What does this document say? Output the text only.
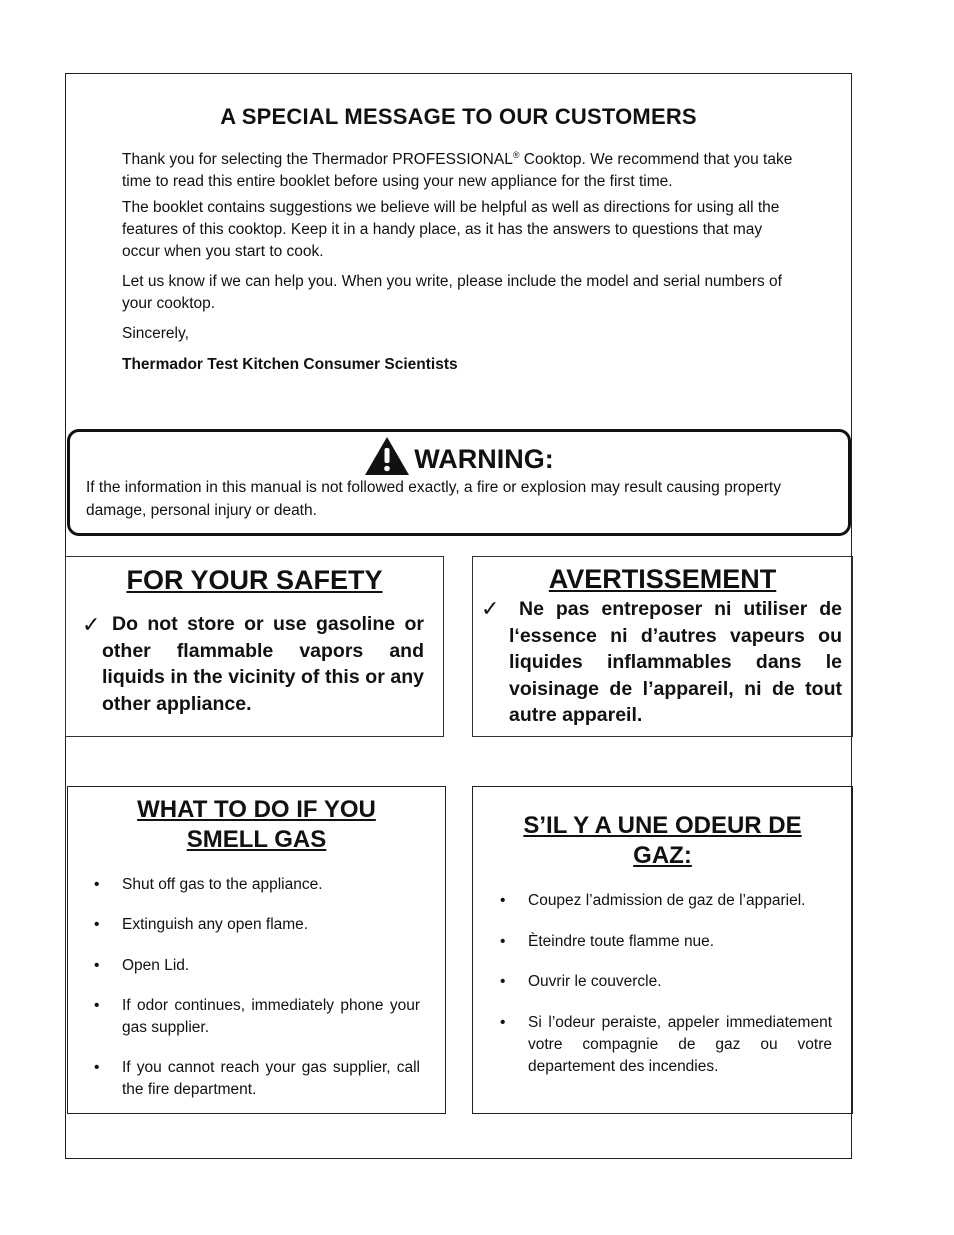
A SPECIAL MESSAGE TO OUR CUSTOMERS

Thank you for selecting the Thermador PROFESSIONAL® Cooktop. We recommend that you take time to read this entire booklet before using your new appliance for the first time.

The booklet contains suggestions we believe will be helpful as well as directions for using all the features of this cooktop. Keep it in a handy place, as it has the answers to questions that may occur when you start to cook.

Let us know if we can help you. When you write, please include the model and serial numbers of your cooktop.

Sincerely,

Thermador Test Kitchen Consumer Scientists

WARNING:

If the information in this manual is not followed exactly, a fire or explosion may result causing property damage, personal injury or death.

FOR YOUR SAFETY
✓ Do not store or use gasoline or other flammable vapors and liquids in the vicinity of this or any other appliance.

AVERTISSEMENT
✓	Ne pas entreposer ni utiliser de l‘essence ni d’autres vapeurs ou liquides inflammables dans le voisinage de l’appareil, ni de tout autre appareil.

WHAT TO DO IF YOU
SMELL GAS
• Shut off gas to the appliance.
• Extinguish any open flame.
• Open Lid.
• If odor continues, immediately phone your gas supplier.
• If you cannot reach your gas supplier, call the fire department.
S’IL Y A UNE ODEUR DE
GAZ:
• Coupez l’admission de gaz de l’appariel.
• Èteindre toute flamme nue.
• Ouvrir le couvercle.
• Si l’odeur peraiste, appeler immediatement votre compagnie de gaz ou votre departement des incendies.
